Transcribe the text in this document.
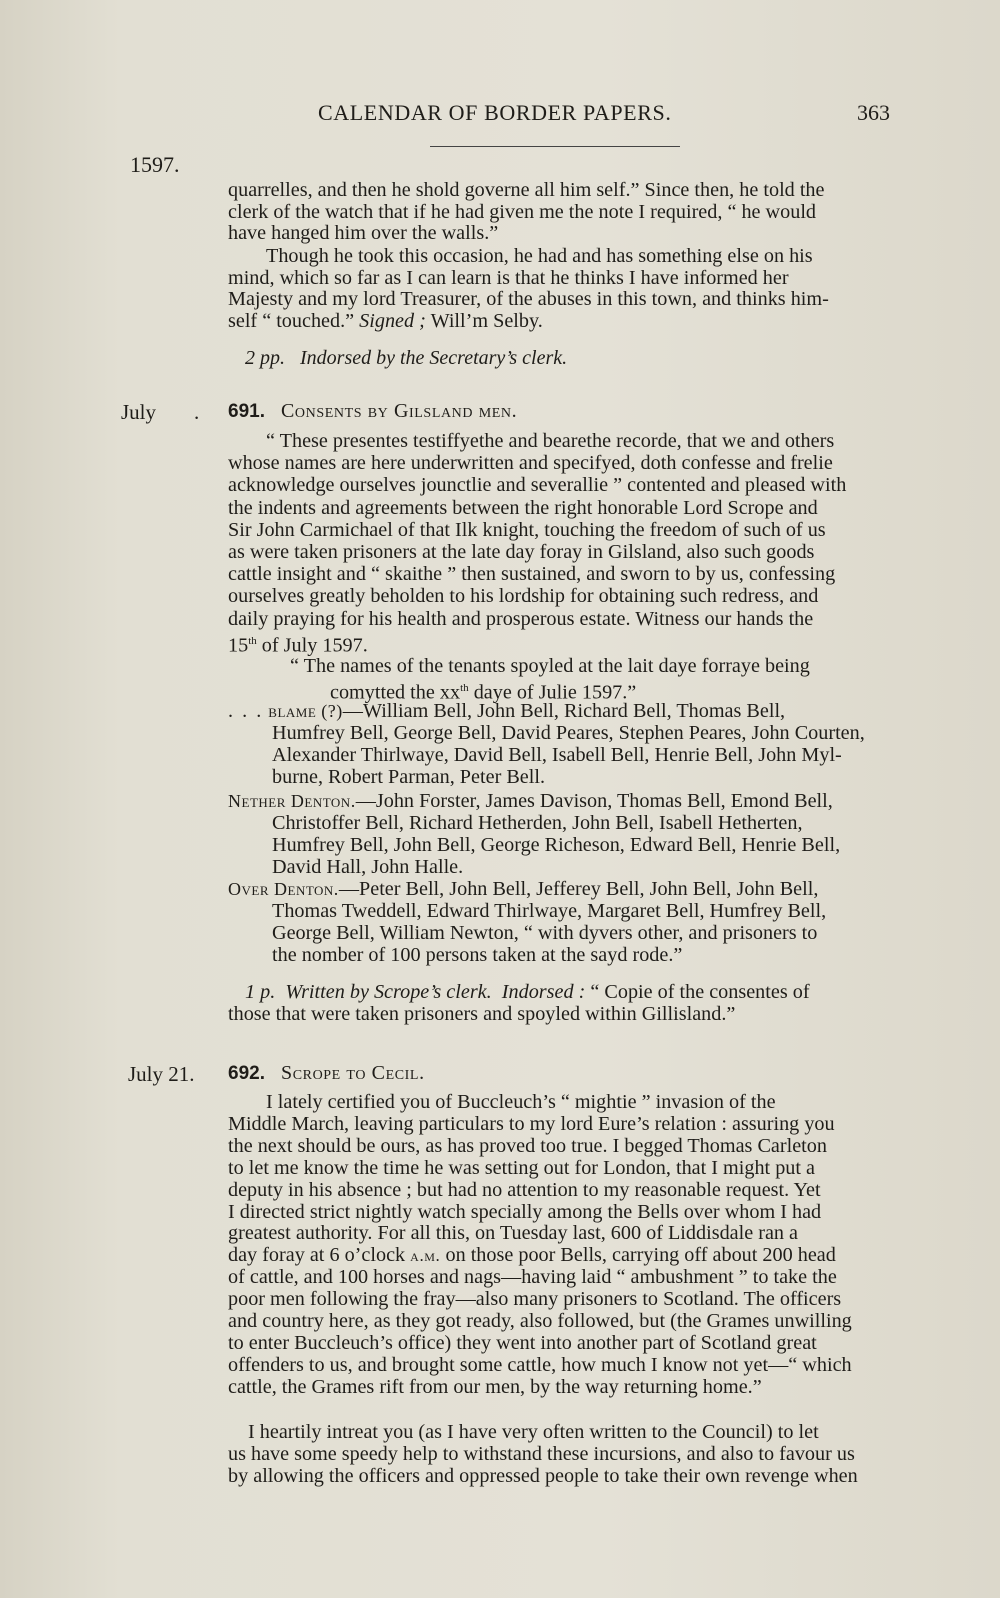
CALENDAR OF BORDER PAPERS.	363
1597.
quarrelles, and then he shold governe all him self.” Since then, he told the
clerk of the watch that if he had given me the note I required, “ he would
have hanged him over the walls.”
Though he took this occasion, he had and has something else on his
mind, which so far as I can learn is that he thinks I have informed her
Majesty and my lord Treasurer, of the abuses in this town, and thinks him-
self “ touched.” Signed ; Will’m Selby.
2 pp. Indorsed by the Secretary’s clerk.
July . 691. Consents by Gilsland men.
“ These presentes testiffyethe and bearethe recorde, that we and others
whose names are here underwritten and specifyed, doth confesse and frelie
acknowledge ourselves jounctlie and severallie ” contented and pleased with
the indents and agreements between the right honorable Lord Scrope and
Sir John Carmichael of that Ilk knight, touching the freedom of such of us
as were taken prisoners at the late day foray in Gilsland, also such goods
cattle insight and “ skaithe ” then sustained, and sworn to by us, confessing
ourselves greatly beholden to his lordship for obtaining such redress, and
daily praying for his health and prosperous estate. Witness our hands the
15th of July 1597.
“ The names of the tenants spoyled at the lait daye forraye being
comytted the $xx^{th}$ daye of Julie 1597.”
. . . blame (?)—William Bell, John Bell, Richard Bell, Thomas Bell,
Humfrey Bell, George Bell, David Peares, Stephen Peares, John Courten,
Alexander Thirlwaye, David Bell, Isabell Bell, Henrie Bell, John Myl-
burne, Robert Parman, Peter Bell.
Nether Denton.—John Forster, James Davison, Thomas Bell, Emond Bell,
Christoffer Bell, Richard Hetherden, John Bell, Isabell Hetherten,
Humfrey Bell, John Bell, George Richeson, Edward Bell, Henrie Bell,
David Hall, John Halle.
Over Denton.—Peter Bell, John Bell, Jefferey Bell, John Bell, John Bell,
Thomas Tweddell, Edward Thirlwaye, Margaret Bell, Humfrey Bell,
George Bell, William Newton, “ with dyvers other, and prisoners to
the nomber of 100 persons taken at the sayd rode.”
1 p. Written by Scrope’s clerk. Indorsed : “ Copie of the consentes of
those that were taken prisoners and spoyled within Gillisland.”
July 21. 692. Scrope to Cecil.
I lately certified you of Buccleuch’s “ mightie ” invasion of the
Middle March, leaving particulars to my lord Eure’s relation : assuring you
the next should be ours, as has proved too true. I begged Thomas Carleton
to let me know the time he was setting out for London, that I might put a
deputy in his absence ; but had no attention to my reasonable request. Yet
I directed strict nightly watch specially among the Bells over whom I had
greatest authority. For all this, on Tuesday last, 600 of Liddisdale ran a
day foray at 6 o’clock a.m. on those poor Bells, carrying off about 200 head
of cattle, and 100 horses and nags—having laid “ ambushment ” to take the
poor men following the fray—also many prisoners to Scotland. The officers
and country here, as they got ready, also followed, but (the Grames unwilling
to enter Buccleuch’s office) they went into another part of Scotland great
offenders to us, and brought some cattle, how much I know not yet—“ which
cattle, the Grames rift from our men, by the way returning home.”
I heartily intreat you (as I have very often written to the Council) to let
us have some speedy help to withstand these incursions, and also to favour us
by allowing the officers and oppressed people to take their own revenge when
